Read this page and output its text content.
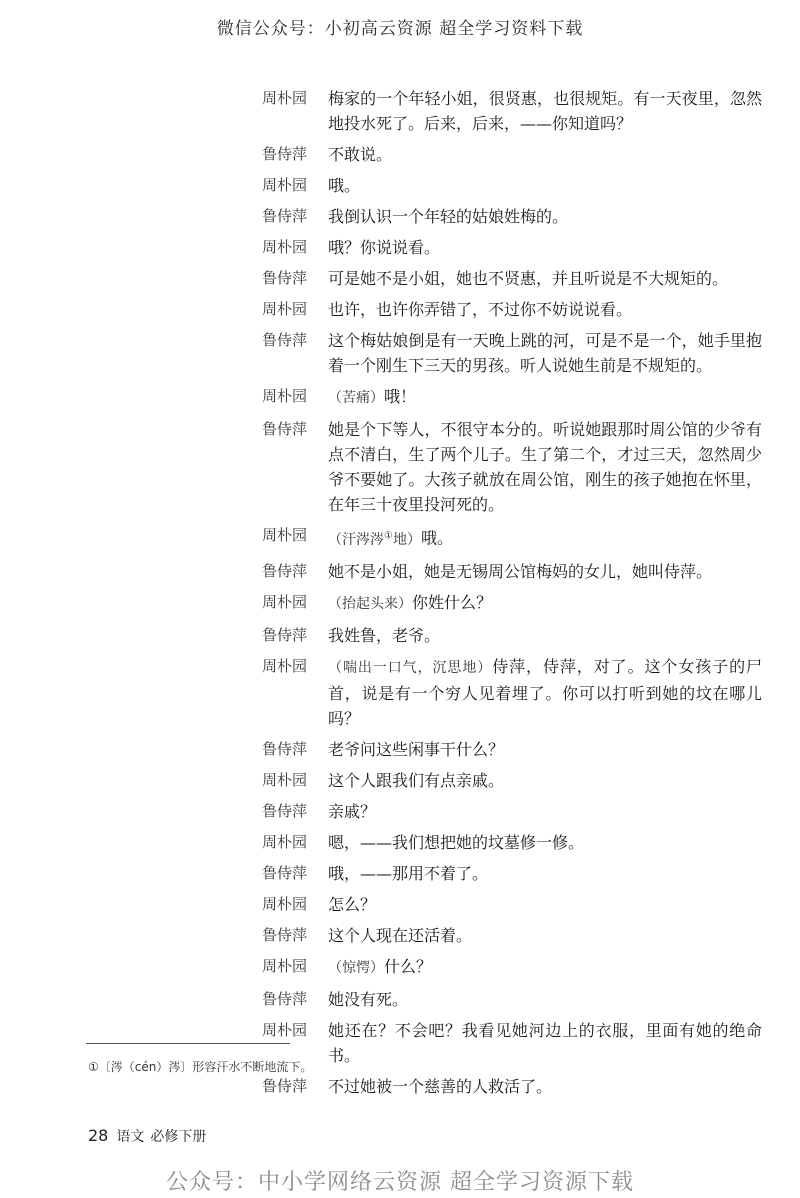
微信公众号：小初高云资源 超全学习资料下载
周朴园	梅家的一个年轻小姐，很贤惠，也很规矩。有一天夜里，忽然地投水死了。后来，后来，——你知道吗？
鲁侍萍	不敢说。
周朴园	哦。
鲁侍萍	我倒认识一个年轻的姑娘姓梅的。
周朴园	哦？你说说看。
鲁侍萍	可是她不是小姐，她也不贤惠，并且听说是不大规矩的。
周朴园	也许，也许你弄错了，不过你不妨说说看。
鲁侍萍	这个梅姑娘倒是有一天晚上跳的河，可是不是一个，她手里抱着一个刚生下三天的男孩。听人说她生前是不规矩的。
周朴园	（苦痛）哦！
鲁侍萍	她是个下等人，不很守本分的。听说她跟那时周公馆的少爷有点不清白，生了两个儿子。生了第二个，才过三天，忽然周少爷不要她了。大孩子就放在周公馆，刚生的孩子她抱在怀里，在年三十夜里投河死的。
周朴园	（汗涔涔①地）哦。
鲁侍萍	她不是小姐，她是无锡周公馆梅妈的女儿，她叫侍萍。
周朴园	（抬起头来）你姓什么？
鲁侍萍	我姓鲁，老爷。
周朴园	（喘出一口气，沉思地）侍萍，侍萍，对了。这个女孩子的尸首，说是有一个穷人见着埋了。你可以打听到她的坟在哪儿吗？
鲁侍萍	老爷问这些闲事干什么？
周朴园	这个人跟我们有点亲戚。
鲁侍萍	亲戚？
周朴园	嗯，——我们想把她的坟墓修一修。
鲁侍萍	哦，——那用不着了。
周朴园	怎么？
鲁侍萍	这个人现在还活着。
周朴园	（惊愕）什么？
鲁侍萍	她没有死。
周朴园	她还在？不会吧？我看见她河边上的衣服，里面有她的绝命书。
鲁侍萍	不过她被一个慈善的人救活了。
①〔涔（cén）涔〕形容汗水不断地流下。
28 语文 必修下册
公众号：中小学网络云资源 超全学习资源下载
